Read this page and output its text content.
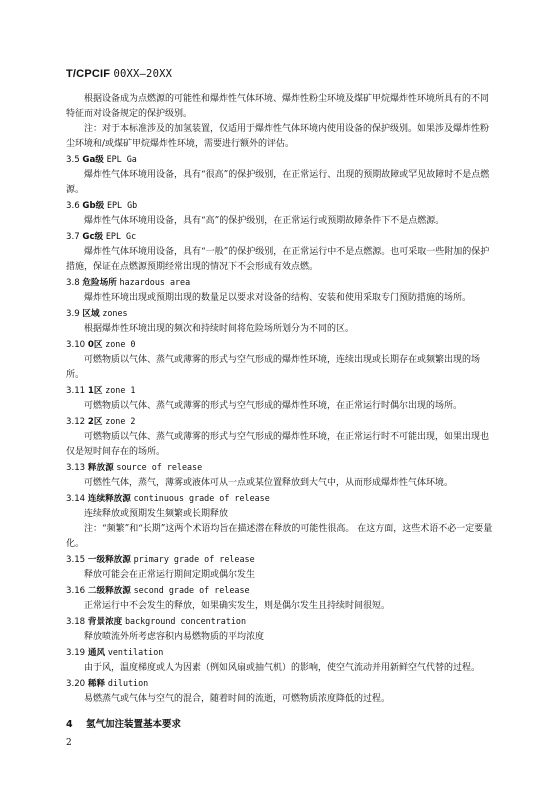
T/CPCIF 00XX—20XX

根据设备成为点燃源的可能性和爆炸性气体环境、爆炸性粉尘环境及煤矿甲烷爆炸性环境所具有的不同特征而对设备规定的保护级别。

注：对于本标准涉及的加氢装置，仅适用于爆炸性气体环境内使用设备的保护级别。如果涉及爆炸性粉尘环境和/或煤矿甲烷爆炸性环境，需要进行额外的评估。

3.5 Ga级 EPL Ga

爆炸性气体环境用设备，具有“很高”的保护级别，在正常运行、出现的预期故障或罕见故障时不是点燃源。

3.6 Gb级 EPL Gb

爆炸性气体环境用设备，具有“高”的保护级别，在正常运行或预期故障条件下不是点燃源。

3.7 Gc级 EPL Gc

爆炸性气体环境用设备，具有“一般”的保护级别，在正常运行中不是点燃源。也可采取一些附加的保护措施，保证在点燃源预期经常出现的情况下不会形成有效点燃。

3.8 危险场所 hazardous area

爆炸性环境出现或预期出现的数量足以要求对设备的结构、安装和使用采取专门预防措施的场所。

3.9 区域 zones

根据爆炸性环境出现的频次和持续时间将危险场所划分为不同的区。

3.10 0区 zone 0

可燃物质以气体、蒸气或薄雾的形式与空气形成的爆炸性环境，连续出现或长期存在或频繁出现的场所。

3.11 1区 zone 1

可燃物质以气体、蒸气或薄雾的形式与空气形成的爆炸性环境，在正常运行时偶尔出现的场所。

3.12 2区 zone 2

可燃物质以气体、蒸气或薄雾的形式与空气形成的爆炸性环境，在正常运行时不可能出现，如果出现也仅是短时间存在的场所。

3.13 释放源 source of release

可燃性气体，蒸气，薄雾或液体可从一点或某位置释放到大气中，从而形成爆炸性气体环境。

3.14 连续释放源 continuous grade of release

连续释放或预期发生频繁或长期释放

注：“频繁”和“长期”这两个术语均旨在描述潜在释放的可能性很高。 在这方面，这些术语不必一定要量化。

3.15 一级释放源 primary grade of release

释放可能会在正常运行期间定期或偶尔发生

3.16 二级释放源 second grade of release

正常运行中不会发生的释放，如果确实发生，则是偶尔发生且持续时间很短。

3.18 背景浓度 background concentration

释放喷流外所考虑容积内易燃物质的平均浓度

3.19 通风 ventilation

由于风，温度梯度或人为因素（例如风扇或抽气机）的影响，使空气流动并用新鲜空气代替的过程。

3.20 稀释 dilution

易燃蒸气或气体与空气的混合，随着时间的流逝，可燃物质浓度降低的过程。

4 氢气加注装置基本要求
2
